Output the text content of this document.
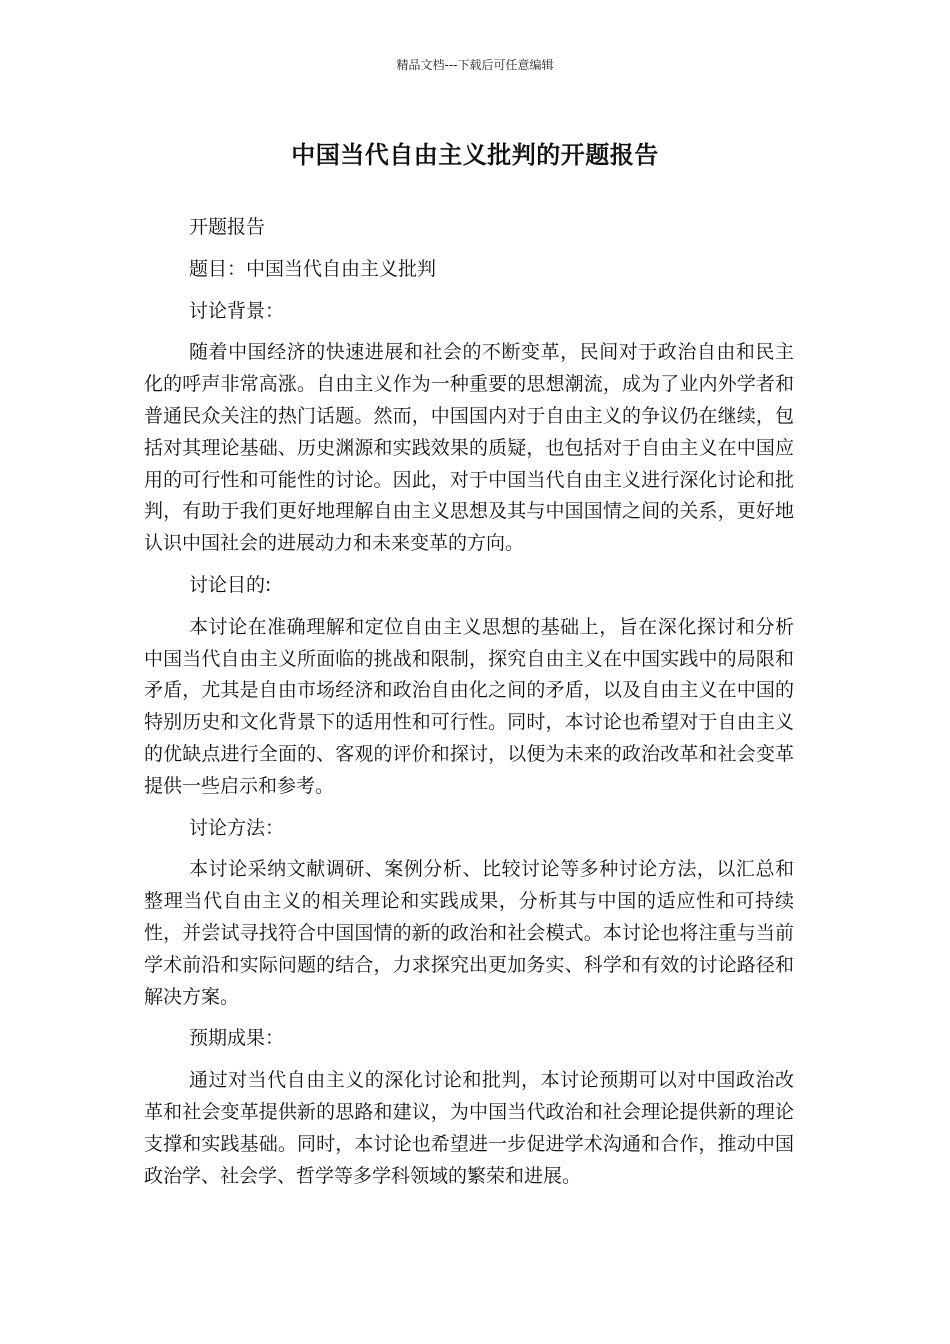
精品文档---下载后可任意编辑
中国当代自由主义批判的开题报告

开题报告

题目：中国当代自由主义批判

讨论背景：

随着中国经济的快速进展和社会的不断变革，民间对于政治自由和民主化的呼声非常高涨。自由主义作为一种重要的思想潮流，成为了业内外学者和普通民众关注的热门话题。然而，中国国内对于自由主义的争议仍在继续，包括对其理论基础、历史渊源和实践效果的质疑，也包括对于自由主义在中国应用的可行性和可能性的讨论。因此，对于中国当代自由主义进行深化讨论和批判，有助于我们更好地理解自由主义思想及其与中国国情之间的关系，更好地认识中国社会的进展动力和未来变革的方向。

讨论目的:

本讨论在准确理解和定位自由主义思想的基础上，旨在深化探讨和分析中国当代自由主义所面临的挑战和限制，探究自由主义在中国实践中的局限和矛盾，尤其是自由市场经济和政治自由化之间的矛盾，以及自由主义在中国的特别历史和文化背景下的适用性和可行性。同时，本讨论也希望对于自由主义的优缺点进行全面的、客观的评价和探讨，以便为未来的政治改革和社会变革提供一些启示和参考。

讨论方法：

本讨论采纳文献调研、案例分析、比较讨论等多种讨论方法，以汇总和整理当代自由主义的相关理论和实践成果，分析其与中国的适应性和可持续性，并尝试寻找符合中国国情的新的政治和社会模式。本讨论也将注重与当前学术前沿和实际问题的结合，力求探究出更加务实、科学和有效的讨论路径和解决方案。

预期成果：

通过对当代自由主义的深化讨论和批判，本讨论预期可以对中国政治改革和社会变革提供新的思路和建议，为中国当代政治和社会理论提供新的理论支撑和实践基础。同时，本讨论也希望进一步促进学术沟通和合作，推动中国政治学、社会学、哲学等多学科领域的繁荣和进展。
